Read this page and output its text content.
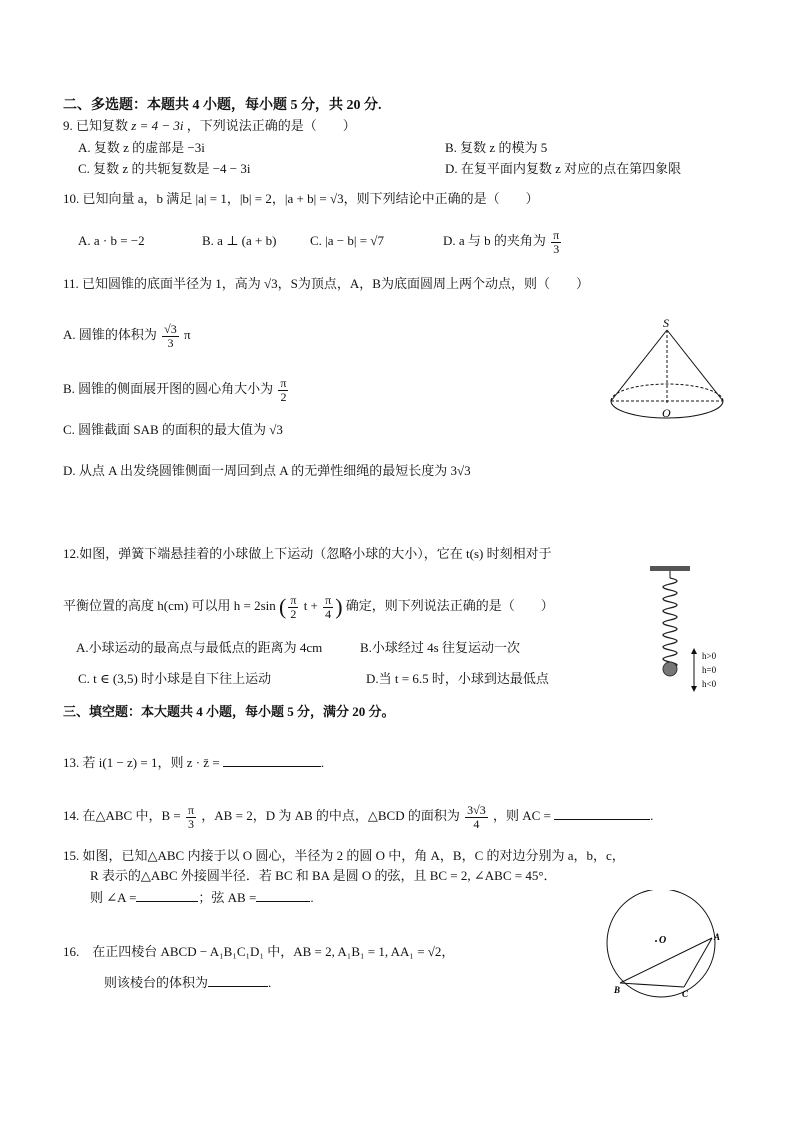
二、多选题：本题共 4 小题，每小题 5 分，共 20 分.
9. 已知复数 z = 4 − 3i ，下列说法正确的是（　　）
A. 复数 z 的虚部是 −3i	B. 复数 z 的模为 5
C. 复数 z 的共轭复数是 −4 − 3i	D. 在复平面内复数 z 对应的点在第四象限
10. 已知向量 a，b 满足 |a| = 1，|b| = 2，|a + b| = √3，则下列结论中正确的是（　　）
A. a · b = −2	B. a ⊥ (a + b)	C. |a − b| = √7	D. a 与 b 的夹角为 $\frac{\pi}{3}$
11. 已知圆锥的底面半径为 1，高为 √3，S为顶点，A，B为底面圆周上两个动点，则（　　）
A. 圆锥的体积为 $\frac{√3}{3}$ π
B. 圆锥的侧面展开图的圆心角大小为 $\frac{\pi}{2}$
C. 圆锥截面 SAB 的面积的最大值为 √3
D. 从点 A 出发绕圆锥侧面一周回到点 A 的无弹性细绳的最短长度为 3√3
S
O
12.如图，弹簧下端悬挂着的小球做上下运动（忽略小球的大小），它在 t(s) 时刻相对于
平衡位置的高度 h(cm) 可以用 h = 2sin ( $\frac{\pi}{2}$ $t + \frac{\pi}{4}$ ) 确定，则下列说法正确的是（　　）
A.小球运动的最高点与最低点的距离为 4cm	B.小球经过 4s 往复运动一次
C. t ∈ (3,5) 时小球是自下往上运动	D.当 t = 6.5 时，小球到达最低点
h>0
h=0
h<0
三、填空题：本大题共 4 小题，每小题 5 分，满分 20 分。
13. 若 i(1 − z) = 1，则 z · z̄ =	.
14. 在△ABC 中，$B = \frac{\pi}{3}$ ，AB = 2，D 为 AB 的中点，△BCD 的面积为 $\frac{3√3}{4}$ ，则 AC =	.
15. 如图，已知△ABC 内接于以 O 圆心，半径为 2 的圆 O 中，角 A，B，C 的对边分别为 a，b，c，
R 表示的△ABC 外接圆半径．若 BC 和 BA 是圆 O 的弦，且 BC = 2, ∠ABC = 45°．
则 ∠A =	；弦 AB =	.
O	A
B	C
16.　在正四棱台 ABCD − A₁B₁C₁D₁ 中，AB = 2, A₁B₁ = 1, AA₁ = √2，
则该棱台的体积为	.
